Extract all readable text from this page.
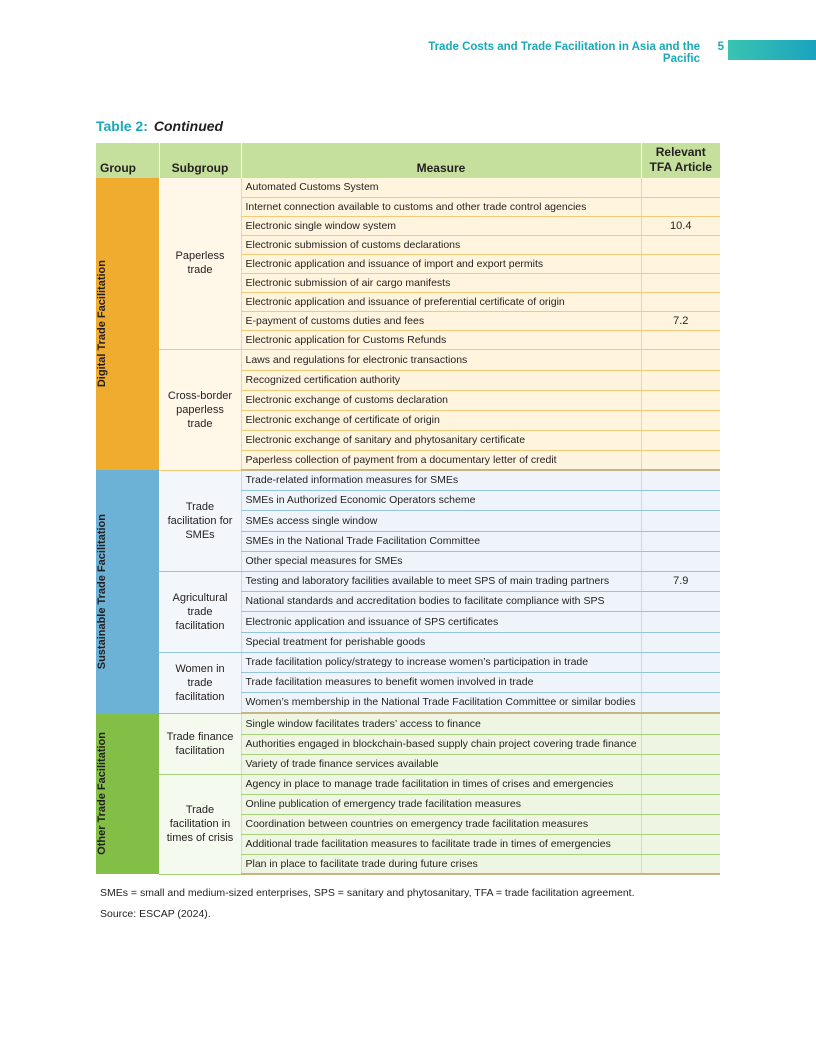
Trade Costs and Trade Facilitation in Asia and the Pacific
5
Table 2: Continued
Group	Subgroup	Measure	Relevant
TFA Article

Digital Trade Facilitation	Paperless trade	Automated Customs System	
		Internet connection available to customs and other trade control agencies	
		Electronic single window system	10.4
		Electronic submission of customs declarations	
		Electronic application and issuance of import and export permits	
		Electronic submission of air cargo manifests	
		Electronic application and issuance of preferential certificate of origin	
		E-payment of customs duties and fees	7.2
		Electronic application for Customs Refunds	
	Cross-border paperless trade	Laws and regulations for electronic transactions	
		Recognized certification authority	
		Electronic exchange of customs declaration	
		Electronic exchange of certificate of origin	
		Electronic exchange of sanitary and phytosanitary certificate	
		Paperless collection of payment from a documentary letter of credit	

Sustainable Trade Facilitation	Trade facilitation for SMEs	Trade-related information measures for SMEs	
		SMEs in Authorized Economic Operators scheme	
		SMEs access single window	
		SMEs in the National Trade Facilitation Committee	
		Other special measures for SMEs	
	Agricultural trade facilitation	Testing and laboratory facilities available to meet SPS of main trading partners	7.9
		National standards and accreditation bodies to facilitate compliance with SPS	
		Electronic application and issuance of SPS certificates	
		Special treatment for perishable goods	
	Women in trade facilitation	Trade facilitation policy/strategy to increase women’s participation in trade	
		Trade facilitation measures to benefit women involved in trade	
		Women’s membership in the National Trade Facilitation Committee or similar bodies	

Other Trade Facilitation	Trade finance facilitation	Single window facilitates traders’ access to finance	
		Authorities engaged in blockchain-based supply chain project covering trade finance	
		Variety of trade finance services available	
	Trade facilitation in times of crisis	Agency in place to manage trade facilitation in times of crises and emergencies	
		Online publication of emergency trade facilitation measures	
		Coordination between countries on emergency trade facilitation measures	
		Additional trade facilitation measures to facilitate trade in times of emergencies	
		Plan in place to facilitate trade during future crises	
SMEs = small and medium-sized enterprises, SPS = sanitary and phytosanitary, TFA = trade facilitation agreement.
Source: ESCAP (2024).
